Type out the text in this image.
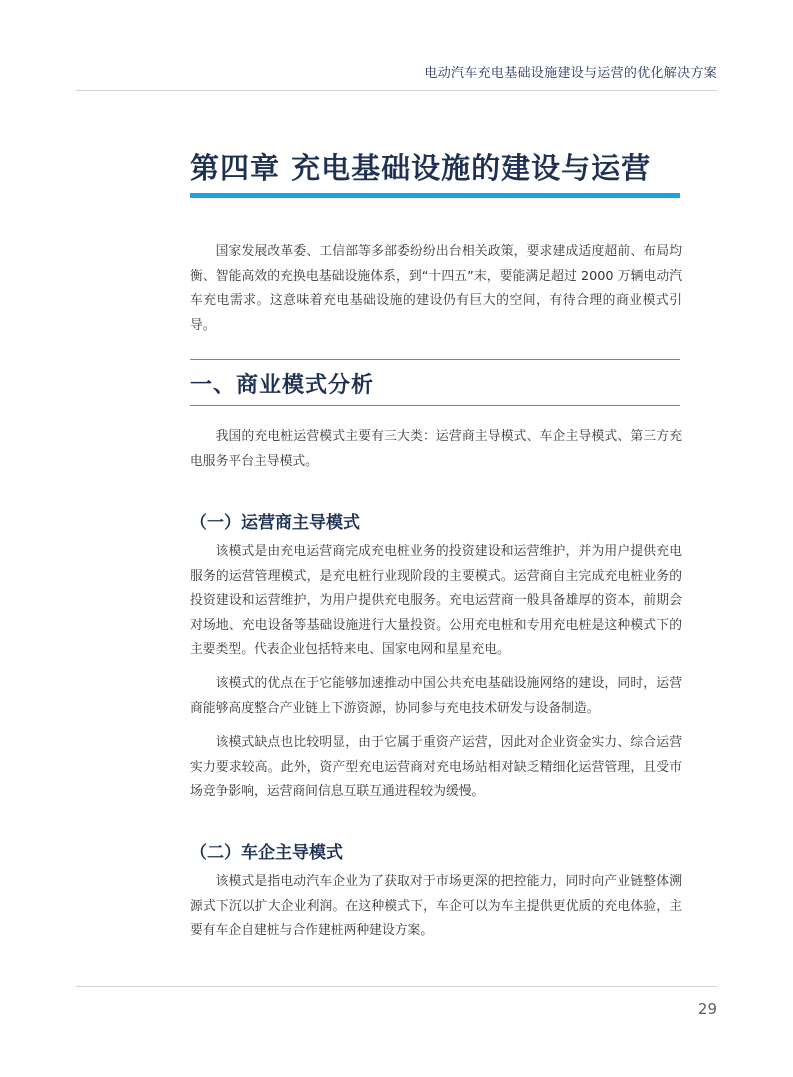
电动汽车充电基础设施建设与运营的优化解决方案
第四章 充电基础设施的建设与运营

国家发展改革委、工信部等多部委纷纷出台相关政策，要求建成适度超前、布局均衡、智能高效的充换电基础设施体系，到“十四五”末，要能满足超过 2000 万辆电动汽车充电需求。这意味着充电基础设施的建设仍有巨大的空间，有待合理的商业模式引导。

一、商业模式分析

我国的充电桩运营模式主要有三大类：运营商主导模式、车企主导模式、第三方充电服务平台主导模式。

（一）运营商主导模式

该模式是由充电运营商完成充电桩业务的投资建设和运营维护，并为用户提供充电服务的运营管理模式，是充电桩行业现阶段的主要模式。运营商自主完成充电桩业务的投资建设和运营维护，为用户提供充电服务。充电运营商一般具备雄厚的资本，前期会对场地、充电设备等基础设施进行大量投资。公用充电桩和专用充电桩是这种模式下的主要类型。代表企业包括特来电、国家电网和星星充电。

该模式的优点在于它能够加速推动中国公共充电基础设施网络的建设，同时，运营商能够高度整合产业链上下游资源，协同参与充电技术研发与设备制造。

该模式缺点也比较明显，由于它属于重资产运营，因此对企业资金实力、综合运营实力要求较高。此外，资产型充电运营商对充电场站相对缺乏精细化运营管理，且受市场竞争影响，运营商间信息互联互通进程较为缓慢。

（二）车企主导模式

该模式是指电动汽车企业为了获取对于市场更深的把控能力，同时向产业链整体溯源式下沉以扩大企业利润。在这种模式下，车企可以为车主提供更优质的充电体验，主要有车企自建桩与合作建桩两种建设方案。

29
